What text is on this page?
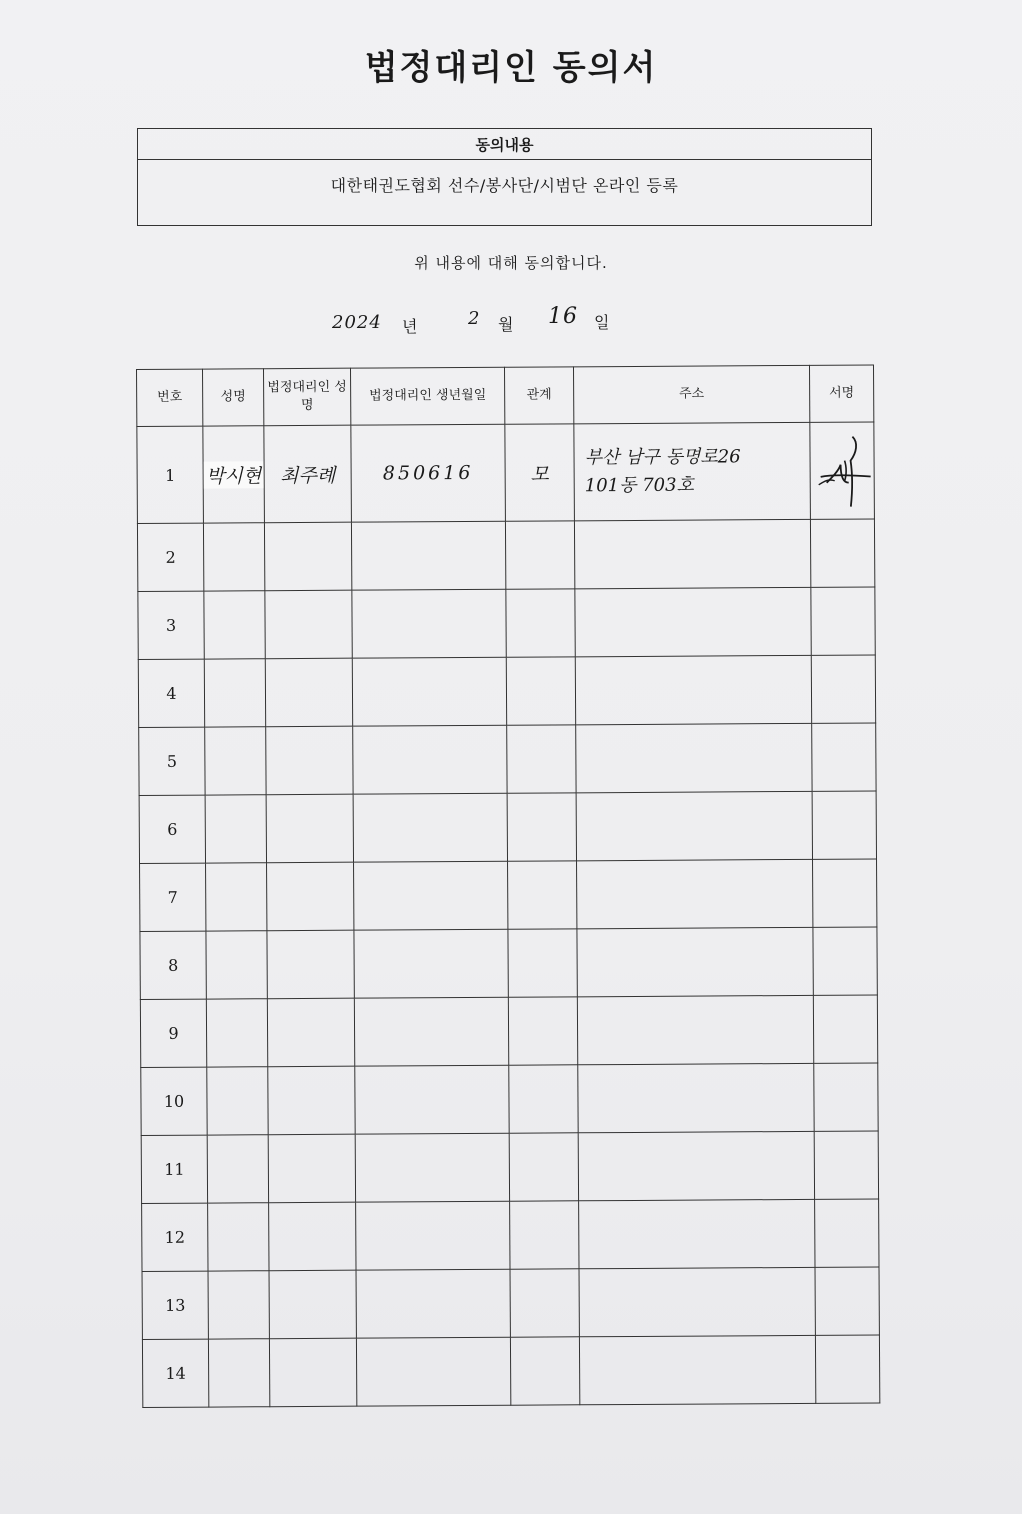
법정대리인 동의서
동의내용
대한태권도협회 선수/봉사단/시범단 온라인 등록
위 내용에 대해 동의합니다.
2024 년	2 월 16 일
번호	성명	법정대리인 성명	법정대리인 생년월일	관계	주소	서명
1	박시현	최주례	850616	모	부산 남구 동명로26
101동 703호

2						
3						
4						
5						
6						
7						
8						
9						
10						
11						
12						
13						
14						
